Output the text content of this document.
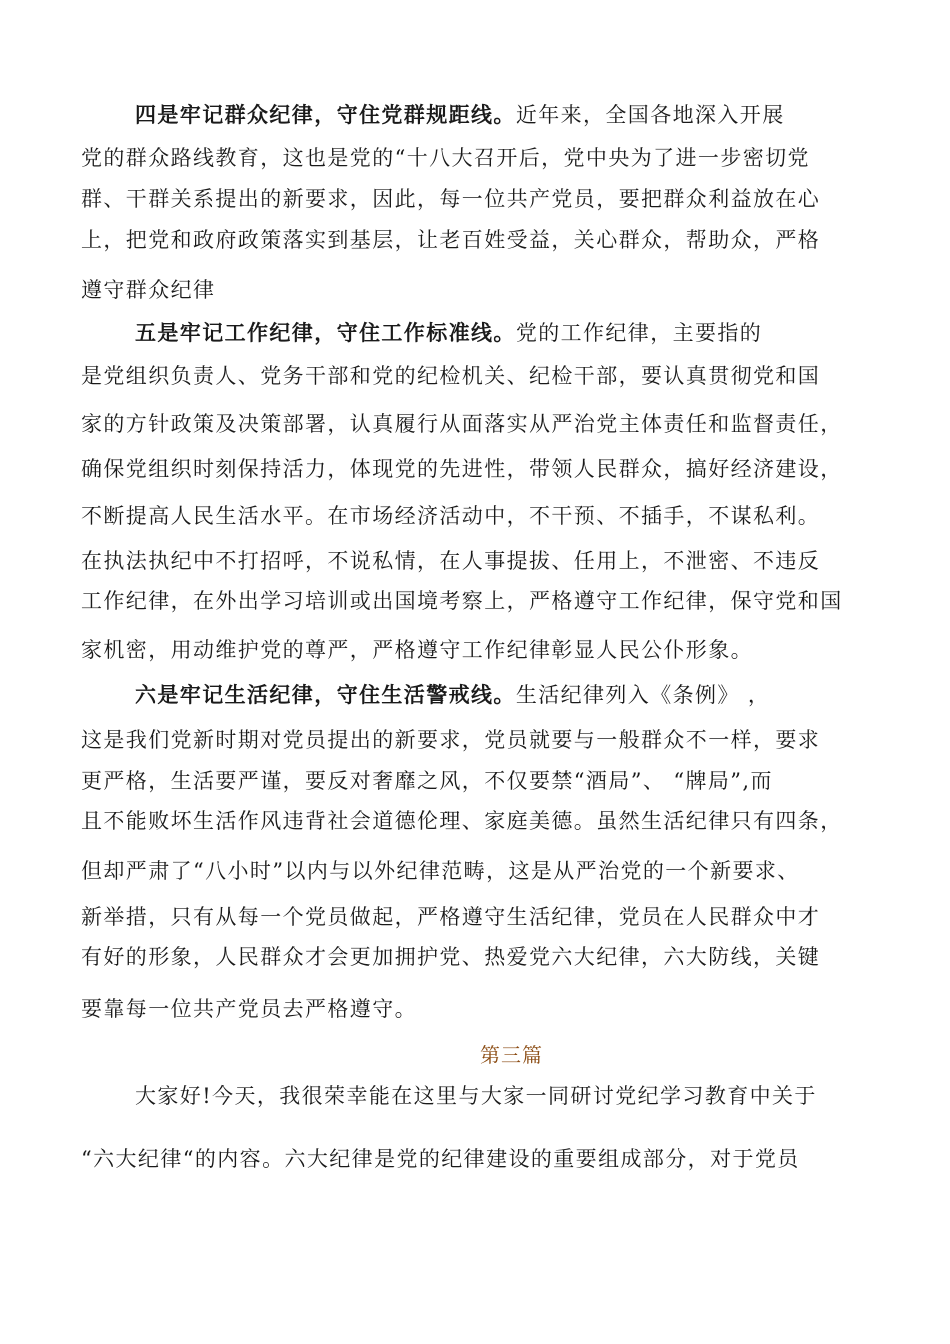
四是牢记群众纪律，守住党群规距线。近年来，全国各地深入开展
党的群众路线教育，这也是党的“十八大召开后，党中央为了进一步密切党
群、干群关系提出的新要求，因此，每一位共产党员，要把群众利益放在心
上，把党和政府政策落实到基层，让老百姓受益，关心群众，帮助众，严格
遵守群众纪律
五是牢记工作纪律，守住工作标准线。党的工作纪律，主要指的
是党组织负责人、党务干部和党的纪检机关、纪检干部，要认真贯彻党和国
家的方针政策及决策部署，认真履行从面落实从严治党主体责任和监督责任，
确保党组织时刻保持活力，体现党的先进性，带领人民群众，搞好经济建设，
不断提高人民生活水平。在市场经济活动中，不干预、不插手，不谋私利。
在执法执纪中不打招呼，不说私情，在人事提拔、任用上，不泄密、不违反
工作纪律，在外出学习培训或出国境考察上，严格遵守工作纪律，保守党和国
家机密，用动维护党的尊严，严格遵守工作纪律彰显人民公仆形象。
六是牢记生活纪律，守住生活警戒线。生活纪律列入《条例》 ，
这是我们党新时期对党员提出的新要求，党员就要与一般群众不一样，要求
更严格，生活要严谨，要反对奢靡之风，不仅要禁“酒局”、 “牌局”,而
且不能败坏生活作风违背社会道德伦理、家庭美德。虽然生活纪律只有四条，
但却严肃了“八小时”以内与以外纪律范畴，这是从严治党的一个新要求、
新举措，只有从每一个党员做起，严格遵守生活纪律，党员在人民群众中才
有好的形象，人民群众才会更加拥护党、热爱党六大纪律，六大防线，关键
要靠每一位共产党员去严格遵守。
第三篇
大家好!今天，我很荣幸能在这里与大家一同研讨党纪学习教育中关于
“六大纪律“的内容。六大纪律是党的纪律建设的重要组成部分，对于党员
